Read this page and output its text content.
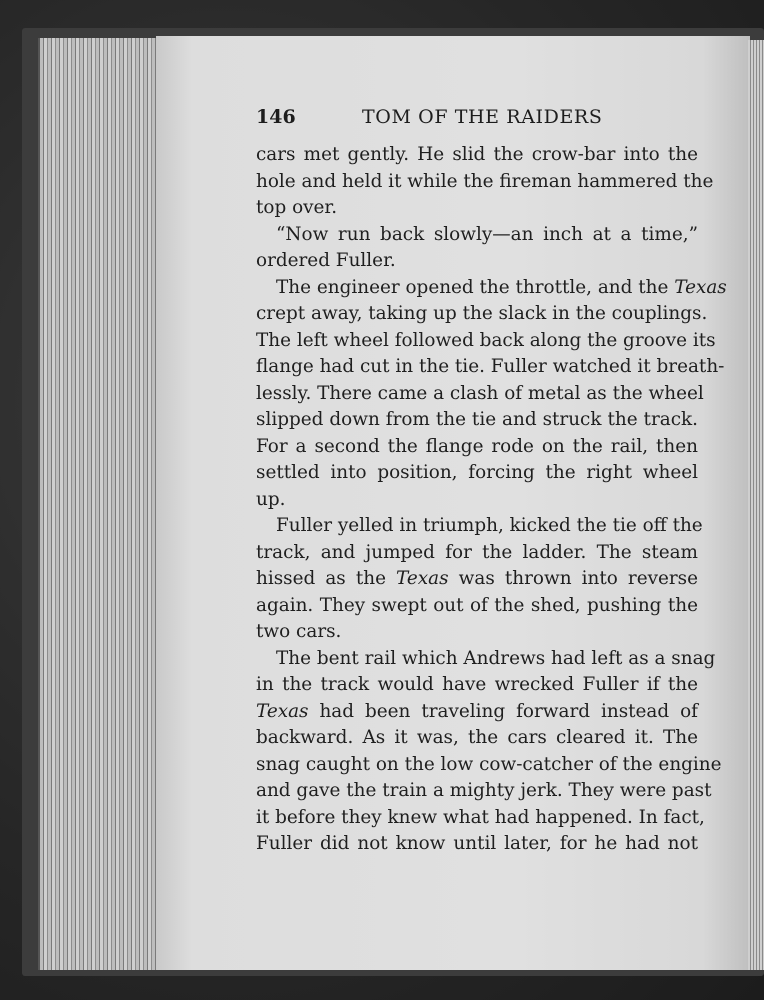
146	TOM OF THE RAIDERS
cars met gently. He slid the crow-bar into the
hole and held it while the fireman hammered the
top over.
“Now run back slowly—an inch at a time,”
ordered Fuller.
The engineer opened the throttle, and the Texas
crept away, taking up the slack in the couplings.
The left wheel followed back along the groove its
flange had cut in the tie. Fuller watched it breath-
lessly. There came a clash of metal as the wheel
slipped down from the tie and struck the track.
For a second the flange rode on the rail, then
settled into position, forcing the right wheel
up.
Fuller yelled in triumph, kicked the tie off the
track, and jumped for the ladder. The steam
hissed as the Texas was thrown into reverse
again. They swept out of the shed, pushing the
two cars.
The bent rail which Andrews had left as a snag
in the track would have wrecked Fuller if the
Texas had been traveling forward instead of
backward. As it was, the cars cleared it. The
snag caught on the low cow-catcher of the engine
and gave the train a mighty jerk. They were past
it before they knew what had happened. In fact,
Fuller did not know until later, for he had not
